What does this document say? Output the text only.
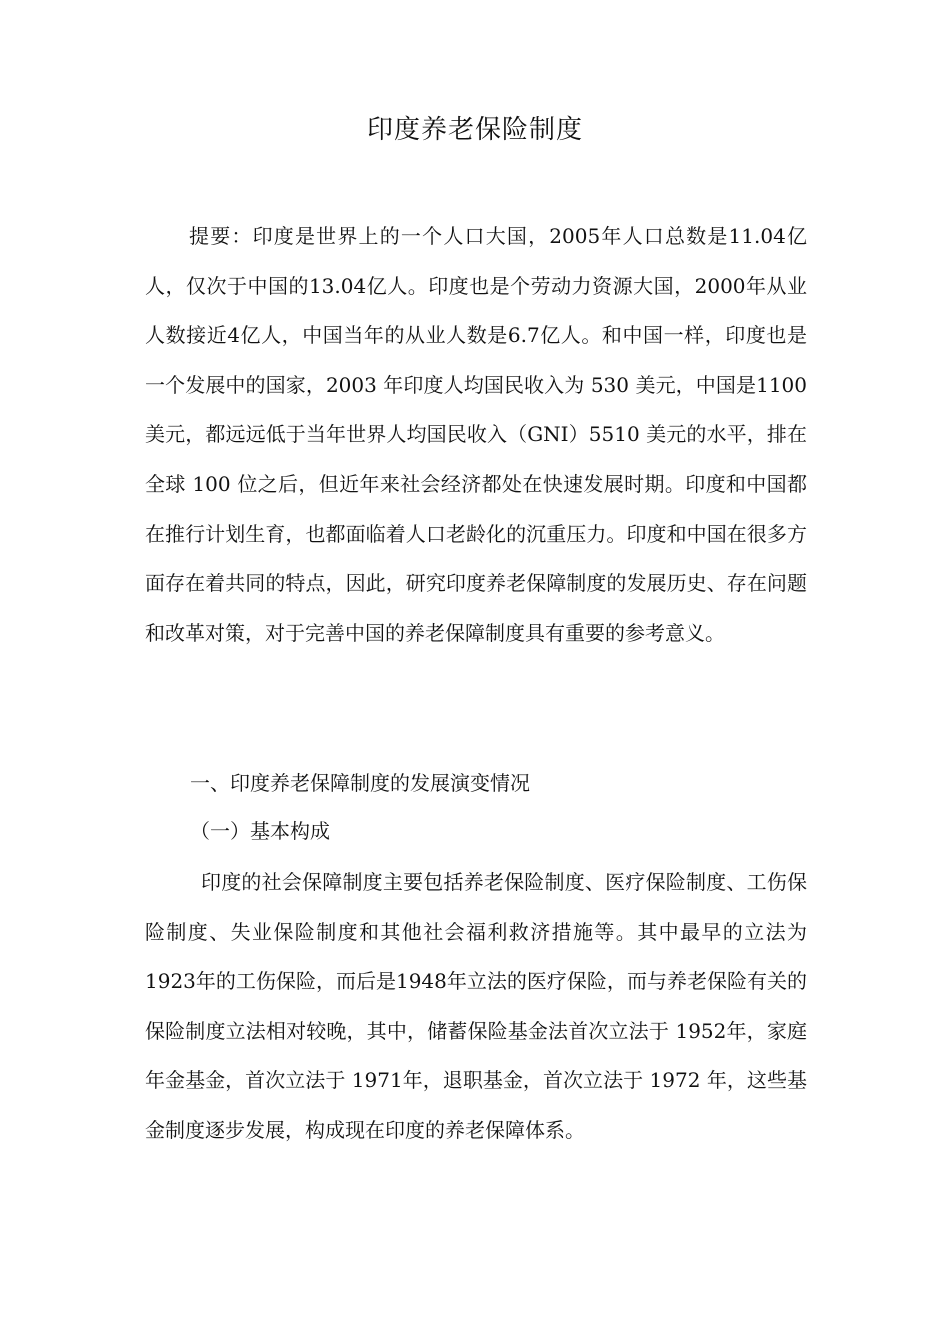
印度养老保险制度

提要：印度是世界上的一个人口大国，2005年人口总数是11.04亿人，仅次于中国的13.04亿人。印度也是个劳动力资源大国，2000年从业人数接近4亿人，中国当年的从业人数是6.7亿人。和中国一样，印度也是一个发展中的国家，2003 年印度人均国民收入为 530 美元，中国是1100美元，都远远低于当年世界人均国民收入（GNI）5510 美元的水平，排在全球 100 位之后，但近年来社会经济都处在快速发展时期。印度和中国都在推行计划生育，也都面临着人口老龄化的沉重压力。印度和中国在很多方面存在着共同的特点，因此，研究印度养老保障制度的发展历史、存在问题和改革对策，对于完善中国的养老保障制度具有重要的参考意义。

一、印度养老保障制度的发展演变情况

（一）基本构成

印度的社会保障制度主要包括养老保险制度、医疗保险制度、工伤保险制度、失业保险制度和其他社会福利救济措施等。其中最早的立法为1923年的工伤保险，而后是1948年立法的医疗保险，而与养老保险有关的保险制度立法相对较晚，其中，储蓄保险基金法首次立法于 1952年，家庭年金基金，首次立法于 1971年，退职基金，首次立法于 1972 年，这些基金制度逐步发展，构成现在印度的养老保障体系。
